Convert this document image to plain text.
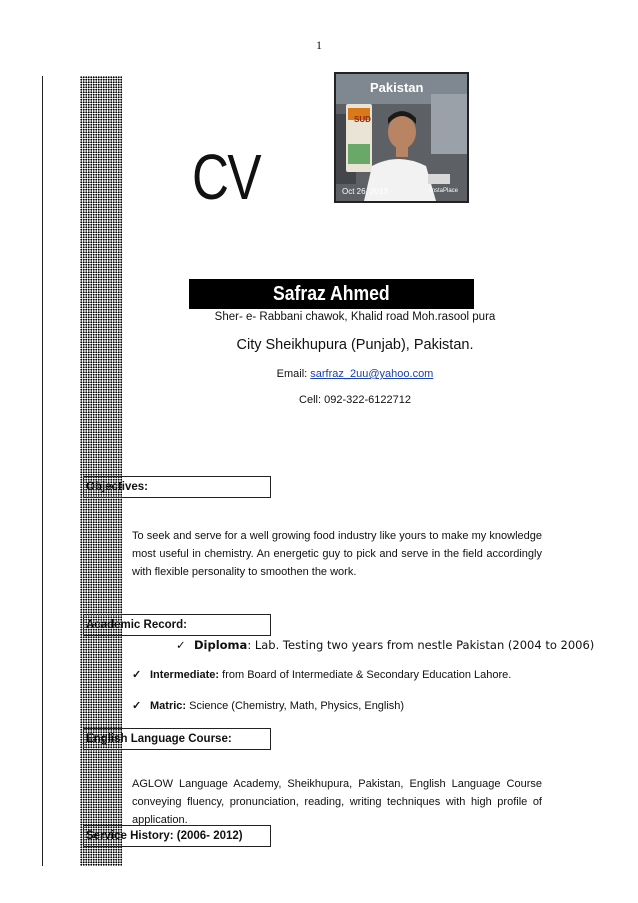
1
CV
Pakistan
SUD
Oct 26, 2013	InstaPlace
Safraz Ahmed
Sher- e- Rabbani chawok, Khalid road Moh.rasool pura
City Sheikhupura (Punjab), Pakistan.
Email: sarfraz_2uu@yahoo.com
Cell: 092-322-6122712
Objectives:
To seek and serve for a well growing food industry like yours to make my knowledge most useful in chemistry. An energetic guy to pick and serve in the field accordingly with flexible personality to smoothen the work.
Academic Record:
✓ Diploma: Lab. Testing two years from nestle Pakistan (2004 to 2006)
✓ Intermediate: from Board of Intermediate & Secondary Education Lahore.
✓ Matric: Science (Chemistry, Math, Physics, English)
English Language Course:
AGLOW Language Academy, Sheikhupura, Pakistan, English Language Course conveying fluency, pronunciation, reading, writing techniques with high profile of application.
Service History: (2006- 2012)
